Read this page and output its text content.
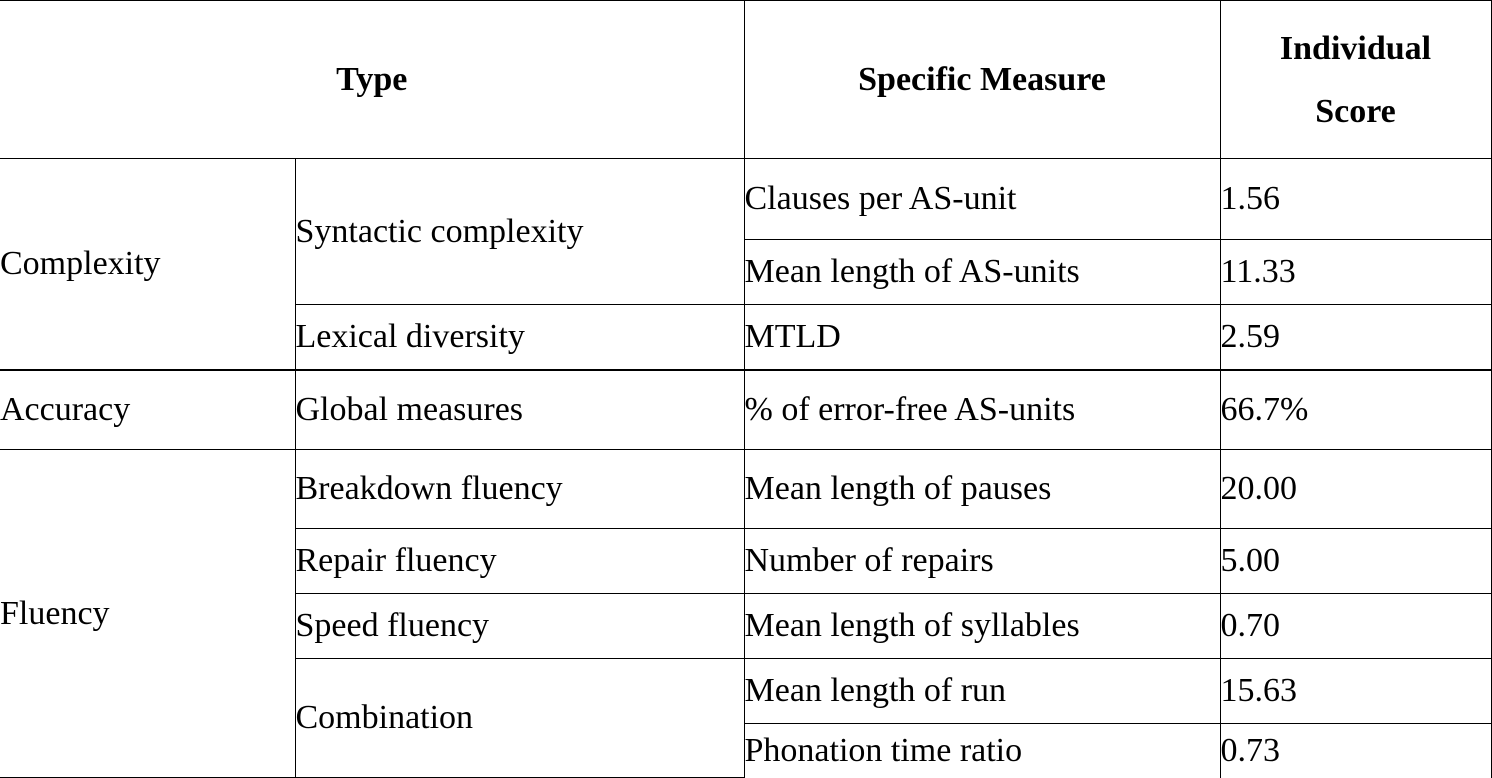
Type		Specific Measure	Individual
Score
Complexity	Syntactic complexity	Clauses per AS-unit	1.56
		Mean length of AS-units	11.33
	Lexical diversity	MTLD	2.59
Accuracy	Global measures	% of error-free AS-units	66.7%
Fluency	Breakdown fluency	Mean length of pauses	20.00
	Repair fluency	Number of repairs	5.00
	Speed fluency	Mean length of syllables	0.70
	Combination	Mean length of run	15.63
		Phonation time ratio	0.73
